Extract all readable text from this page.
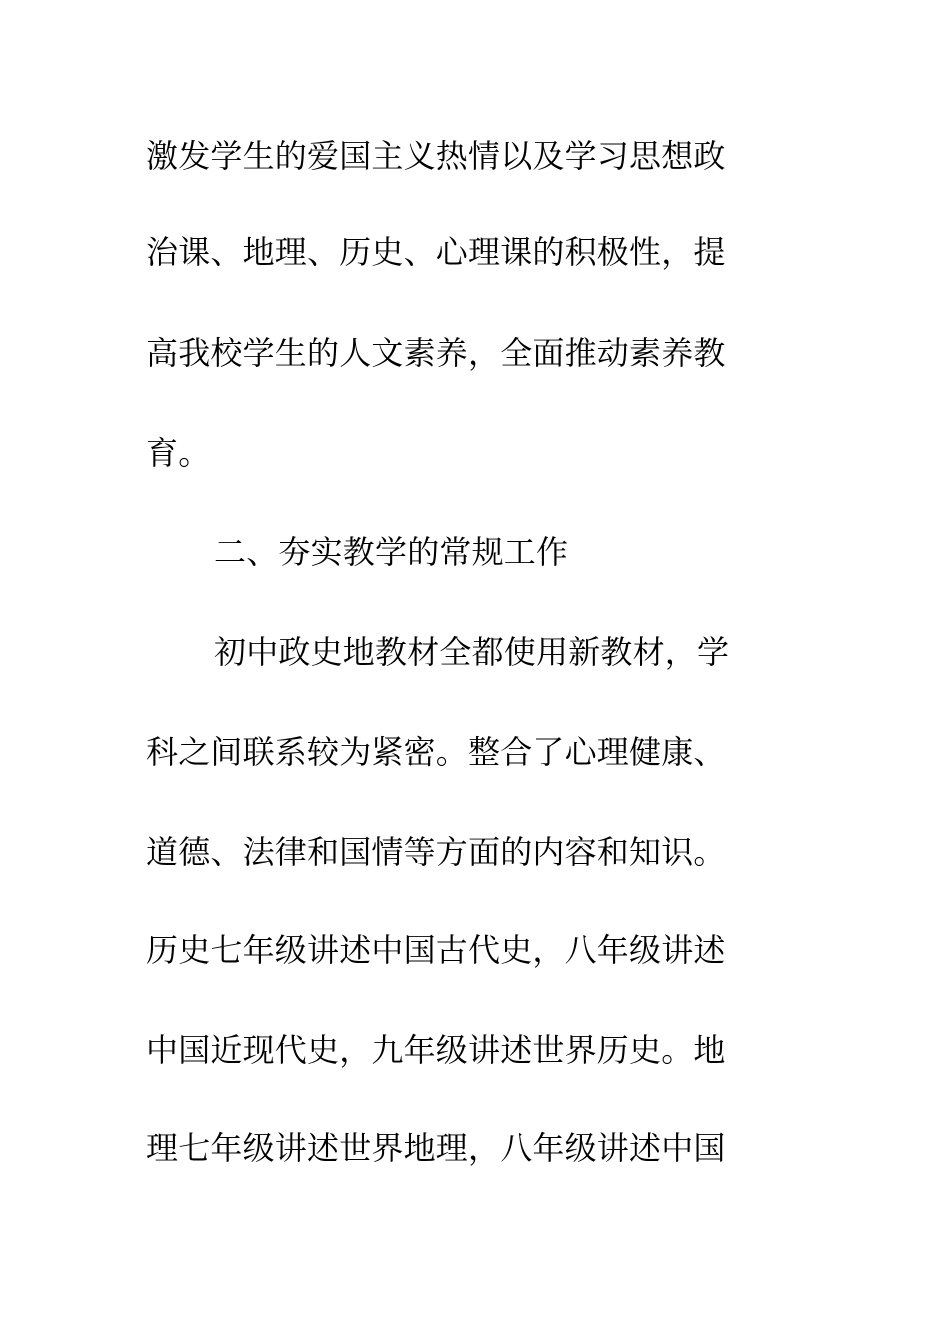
激发学生的爱国主义热情以及学习思想政
治课、地理、历史、心理课的积极性，提
高我校学生的人文素养，全面推动素养教
育。
二、夯实教学的常规工作
初中政史地教材全都使用新教材，学
科之间联系较为紧密。整合了心理健康、
道德、法律和国情等方面的内容和知识。
历史七年级讲述中国古代史，八年级讲述
中国近现代史，九年级讲述世界历史。地
理七年级讲述世界地理，八年级讲述中国
